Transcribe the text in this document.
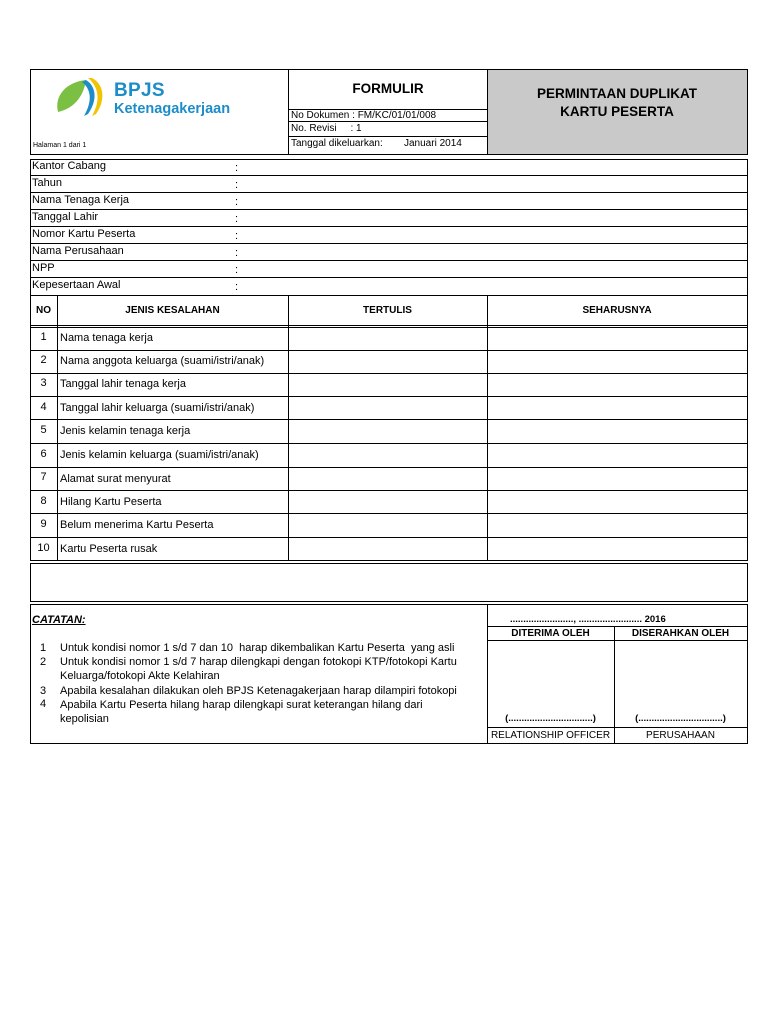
BPJS
Ketenagakerjaan
Halaman 1 dari 1
FORMULIR
No Dokumen : FM/KC/01/01/008
No. Revisi     : 1
Tanggal dikeluarkan: Januari 2014
PERMINTAAN DUPLIKAT
KARTU PESERTA
Kantor Cabang	:
Tahun	:
Nama Tenaga Kerja	:
Tanggal Lahir	:
Nomor Kartu Peserta	:
Nama Perusahaan	:
NPP	:
Kepesertaan Awal	:
NO	JENIS KESALAHAN	TERTULIS	SEHARUSNYA
1	Nama tenaga kerja
2	Nama anggota keluarga (suami/istri/anak)
3	Tanggal lahir tenaga kerja
4	Tanggal lahir keluarga (suami/istri/anak)
5	Jenis kelamin tenaga kerja
6	Jenis kelamin keluarga (suami/istri/anak)
7	Alamat surat menyurat
8	Hilang Kartu Peserta
9	Belum menerima Kartu Peserta
10 Kartu Peserta rusak
CATATAN:
1 Untuk kondisi nomor 1 s/d 7 dan 10  harap dikembalikan Kartu Peserta  yang asli
2 Untuk kondisi nomor 1 s/d 7 harap dilengkapi dengan fotokopi KTP/fotokopi Kartu
Keluarga/fotokopi Akte Kelahiran
3 Apabila kesalahan dilakukan oleh BPJS Ketenagakerjaan harap dilampiri fotokopi
4 Apabila Kartu Peserta hilang harap dilengkapi surat keterangan hilang dari
kepolisian
........................, ........................ 2016
DITERIMA OLEH	DISERAHKAN OLEH
(................................)	(................................)
RELATIONSHIP OFFICER	PERUSAHAAN
